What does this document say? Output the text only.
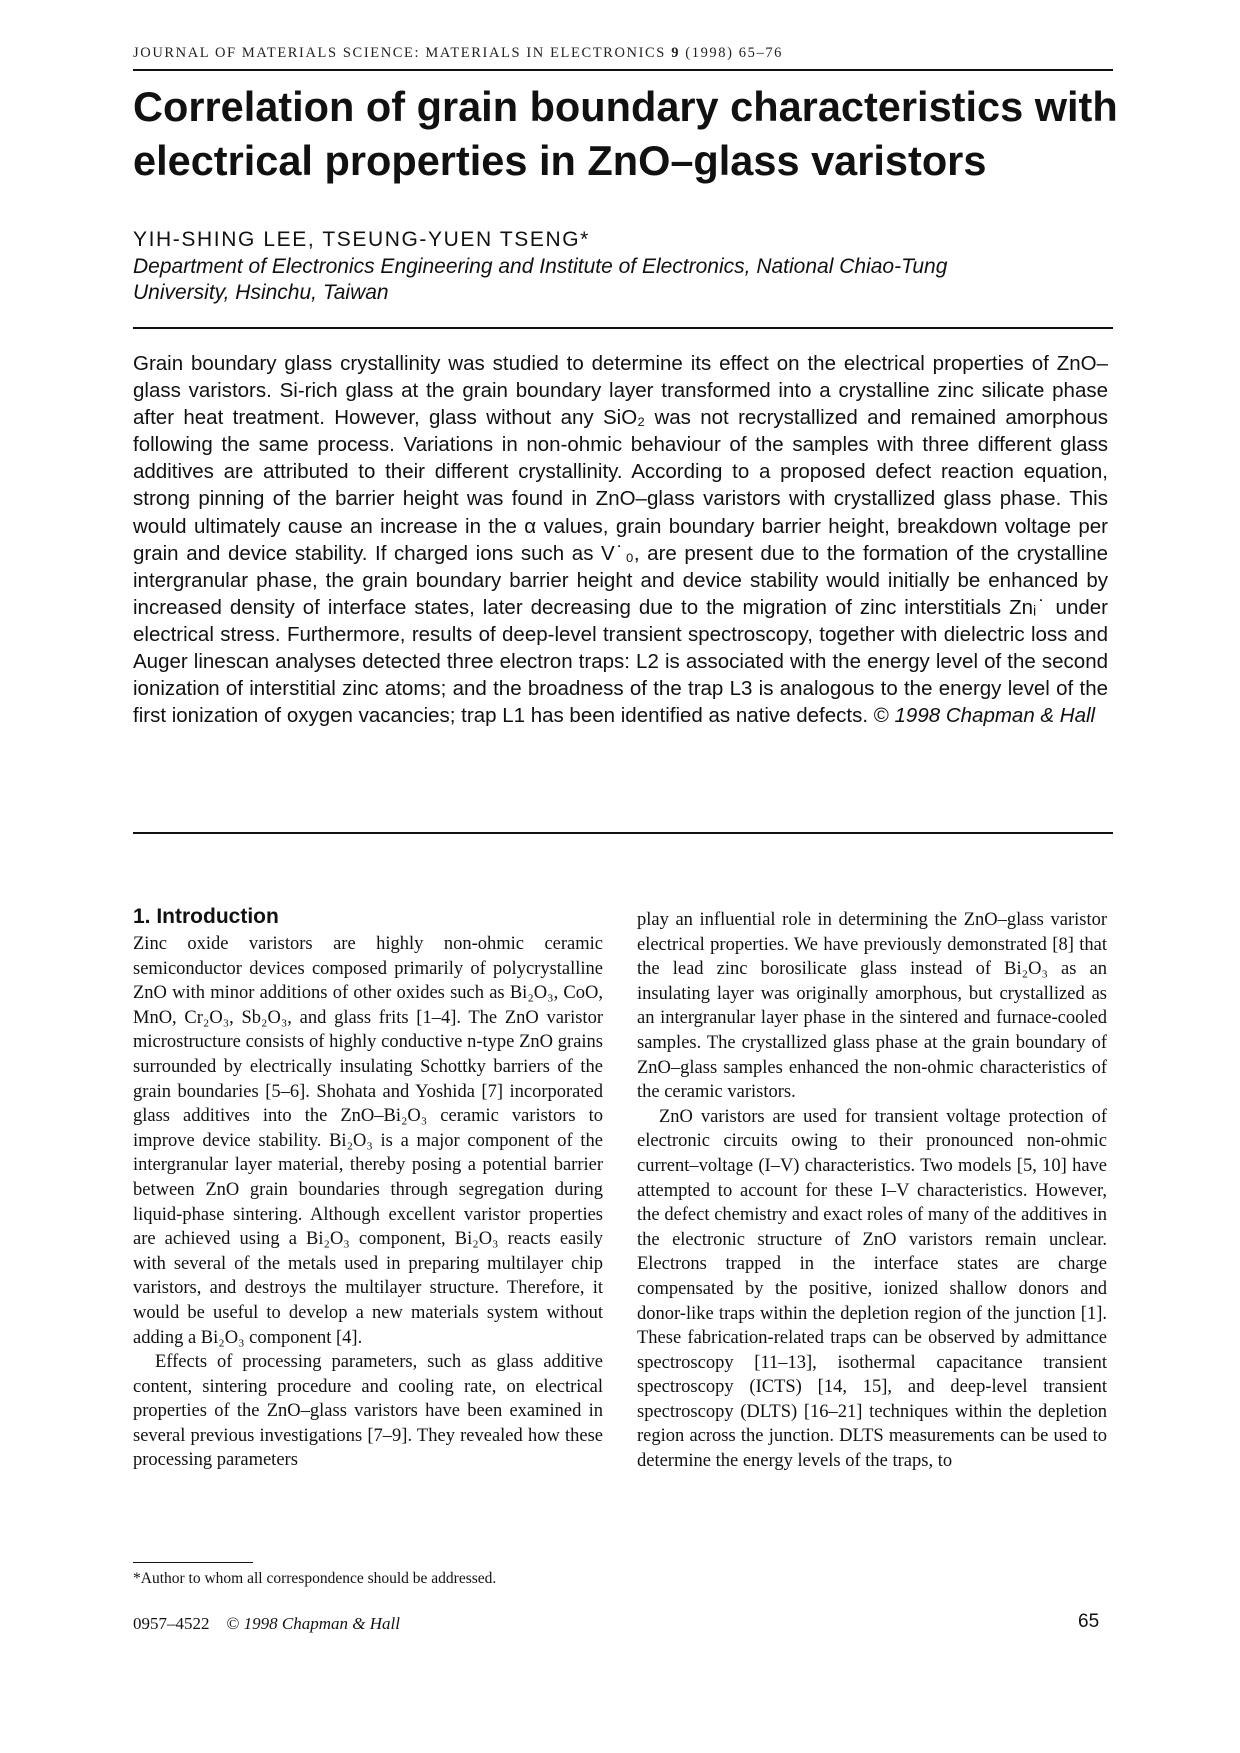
JOURNAL OF MATERIALS SCIENCE: MATERIALS IN ELECTRONICS 9 (1998) 65–76
Correlation of grain boundary characteristics with
electrical properties in ZnO–glass varistors
YIH-SHING LEE, TSEUNG-YUEN TSENG*
Department of Electronics Engineering and Institute of Electronics, National Chiao-Tung
University, Hsinchu, Taiwan
Grain boundary glass crystallinity was studied to determine its effect on the electrical properties of ZnO–glass varistors. Si-rich glass at the grain boundary layer transformed into a crystalline zinc silicate phase after heat treatment. However, glass without any SiO₂ was not recrystallized and remained amorphous following the same process. Variations in non-ohmic behaviour of the samples with three different glass additives are attributed to their different crystallinity. According to a proposed defect reaction equation, strong pinning of the barrier height was found in ZnO–glass varistors with crystallized glass phase. This would ultimately cause an increase in the α values, grain boundary barrier height, breakdown voltage per grain and device stability. If charged ions such as V˙₀, are present due to the formation of the crystalline intergranular phase, the grain boundary barrier height and device stability would initially be enhanced by increased density of interface states, later decreasing due to the migration of zinc interstitials Znᵢ˙ under electrical stress. Furthermore, results of deep-level transient spectroscopy, together with dielectric loss and Auger linescan analyses detected three electron traps: L2 is associated with the energy level of the second ionization of interstitial zinc atoms; and the broadness of the trap L3 is analogous to the energy level of the first ionization of oxygen vacancies; trap L1 has been identified as native defects. © 1998 Chapman & Hall
1. Introduction

Zinc oxide varistors are highly non-ohmic ceramic semiconductor devices composed primarily of polycrystalline ZnO with minor additions of other oxides such as Bi₂O₃, CoO, MnO, Cr₂O₃, Sb₂O₃, and glass frits [1–4]. The ZnO varistor microstructure consists of highly conductive n-type ZnO grains surrounded by electrically insulating Schottky barriers of the grain boundaries [5–6]. Shohata and Yoshida [7] incorporated glass additives into the ZnO–Bi₂O₃ ceramic varistors to improve device stability. Bi₂O₃ is a major component of the intergranular layer material, thereby posing a potential barrier between ZnO grain boundaries through segregation during liquid-phase sintering. Although excellent varistor properties are achieved using a Bi₂O₃ component, Bi₂O₃ reacts easily with several of the metals used in preparing multilayer chip varistors, and destroys the multilayer structure. Therefore, it would be useful to develop a new materials system without adding a Bi₂O₃ component [4].

Effects of processing parameters, such as glass additive content, sintering procedure and cooling rate, on electrical properties of the ZnO–glass varistors have been examined in several previous investigations [7–9]. They revealed how these processing parameters

play an influential role in determining the ZnO–glass varistor electrical properties. We have previously demonstrated [8] that the lead zinc borosilicate glass instead of Bi₂O₃ as an insulating layer was originally amorphous, but crystallized as an intergranular layer phase in the sintered and furnace-cooled samples. The crystallized glass phase at the grain boundary of ZnO–glass samples enhanced the non-ohmic characteristics of the ceramic varistors.

ZnO varistors are used for transient voltage protection of electronic circuits owing to their pronounced non-ohmic current–voltage (I–V) characteristics. Two models [5, 10] have attempted to account for these I–V characteristics. However, the defect chemistry and exact roles of many of the additives in the electronic structure of ZnO varistors remain unclear. Electrons trapped in the interface states are charge compensated by the positive, ionized shallow donors and donor-like traps within the depletion region of the junction [1]. These fabrication-related traps can be observed by admittance spectroscopy [11–13], isothermal capacitance transient spectroscopy (ICTS) [14, 15], and deep-level transient spectroscopy (DLTS) [16–21] techniques within the depletion region across the junction. DLTS measurements can be used to determine the energy levels of the traps, to

*Author to whom all correspondence should be addressed.
0957–4522 © 1998 Chapman & Hall	65
